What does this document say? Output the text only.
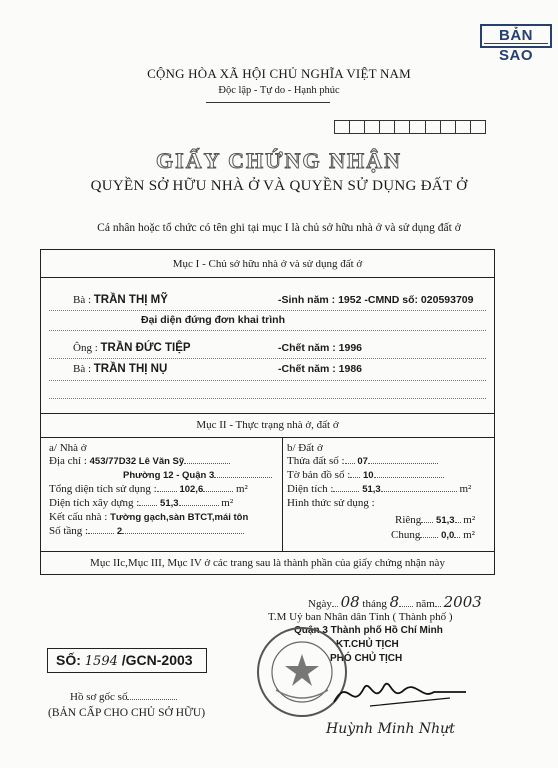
BẢN SAO
CỘNG HÒA XÃ HỘI CHỦ NGHĨA VIỆT NAM
Độc lập - Tự do - Hạnh phúc
GIẤY CHỨNG NHẬN
QUYỀN SỞ HỮU NHÀ Ở VÀ QUYỀN SỬ DỤNG ĐẤT Ở
Cá nhân hoặc tổ chức có tên ghi tại mục I là chủ sở hữu nhà ở và sử dụng đất ở
Mục I - Chủ sở hữu nhà ở và sử dụng đất ở
Bà : TRẦN THỊ MỸ	-Sinh năm : 1952 -CMND số: 020593709
Đại diện đứng đơn khai trình
Ông : TRẦN ĐỨC TIỆP	-Chết năm : 1996
Bà : TRẦN THỊ NỤ	-Chết năm : 1986
Mục II - Thực trạng nhà ở, đất ở
a/ Nhà ở
Địa chỉ : 453/77D32 Lê Văn Sỹ
Phường 12 - Quận 3
Tổng diện tích sử dụng : 102,6	m²
Diện tích xây dựng : 51,3	m²
Kết cấu nhà : Tường gạch,sàn BTCT,mái tôn
Số tầng :	2
b/ Đất ở
Thửa đất số : 07
Tờ bản đồ số : 10
Diện tích :	51,3	m²
Hình thức sử dụng :
Riêng 51,3 m²
Chung 0,0 m²
Mục IIc,Mục III, Mục IV ở các trang sau là thành phần của giấy chứng nhận này
Ngày 08 tháng 8 năm 2003
T.M Uỷ ban Nhân dân Tỉnh ( Thành phố )
Quận 3 Thành phố Hồ Chí Minh
KT.CHỦ TỊCH
PHÓ CHỦ TỊCH
Huỳnh Minh Nhựt
SỐ: 1594 /GCN-2003
Hồ sơ gốc số
(BẢN CẤP CHO CHỦ SỞ HỮU)
